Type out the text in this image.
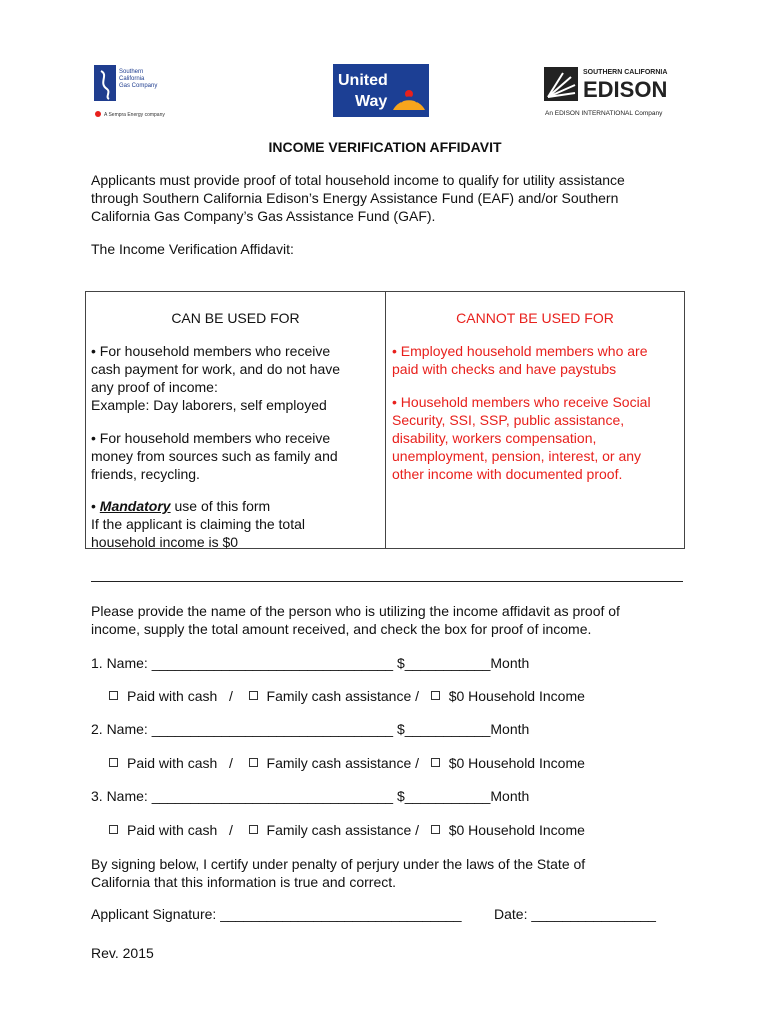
Southern
California
Gas Company
A Sempra Energy company
United
Way
SOUTHERN CALIFORNIA
EDISON
An EDISON INTERNATIONAL Company
INCOME VERIFICATION AFFIDAVIT
Applicants must provide proof of total household income to qualify for utility assistance
through Southern California Edison’s Energy Assistance Fund (EAF) and/or Southern
California Gas Company’s Gas Assistance Fund (GAF).
The Income Verification Affidavit:
CAN BE USED FOR	CANNOT BE USED FOR
• For household members who receive
cash payment for work, and do not have
any proof of income:
Example: Day laborers, self employed
• For household members who receive
money from sources such as family and
friends, recycling.
• Mandatory use of this form
If the applicant is claiming the total
household income is $0
• Employed household members who are
paid with checks and have paystubs
• Household members who receive Social
Security, SSI, SSP, public assistance,
disability, workers compensation,
unemployment, pension, interest, or any
other income with documented proof.
Please provide the name of the person who is utilizing the income affidavit as proof of
income, supply the total amount received, and check the box for proof of income.
1. Name: _______________________________ $___________Month
Paid with cash / Family cash assistance / $0 Household Income
2. Name: _______________________________ $___________Month
Paid with cash / Family cash assistance / $0 Household Income
3. Name: _______________________________ $___________Month
Paid with cash / Family cash assistance / $0 Household Income
By signing below, I certify under penalty of perjury under the laws of the State of
California that this information is true and correct.
Applicant Signature: _______________________________ Date: ________________
Rev. 2015
